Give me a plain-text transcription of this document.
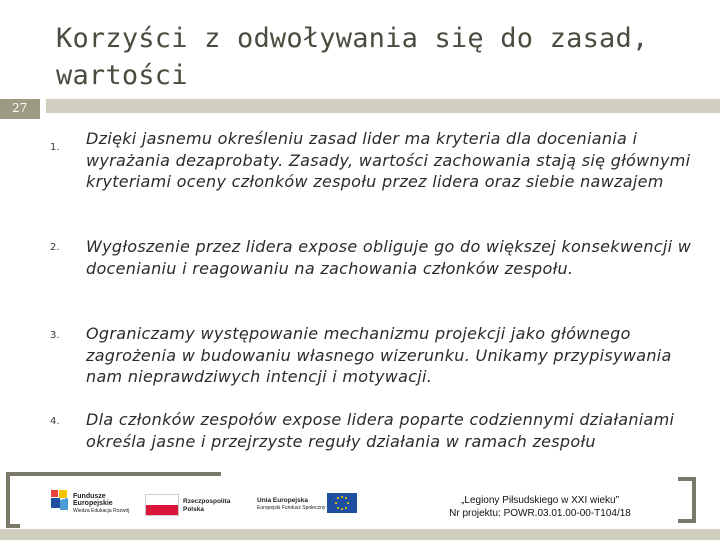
Korzyści z odwoływania się do zasad, wartości
27
1. Dzięki jasnemu określeniu zasad lider ma kryteria dla doceniania i wyrażania dezaprobaty. Zasady, wartości zachowania stają się głównymi kryteriami oceny członków zespołu przez lidera oraz siebie nawzajem
2. Wygłoszenie przez lidera expose obliguje go do większej konsekwencji w docenianiu i reagowaniu na zachowania członków zespołu.
3. Ograniczamy występowanie mechanizmu projekcji jako głównego zagrożenia w budowaniu własnego wizerunku. Unikamy przypisywania nam nieprawdziwych intencji i motywacji.
4. Dla członków zespołów expose lidera poparte codziennymi działaniami określa jasne i przejrzyste reguły działania w ramach zespołu
Fundusze
Europejskie
Wiedza Edukacja Rozwój
Rzeczpospolita
Polska
Unia Europejska
Europejski Fundusz Społeczny
„Legiony Piłsudskiego w XXI wieku”
Nr projektu: POWR.03.01.00-00-T104/18
